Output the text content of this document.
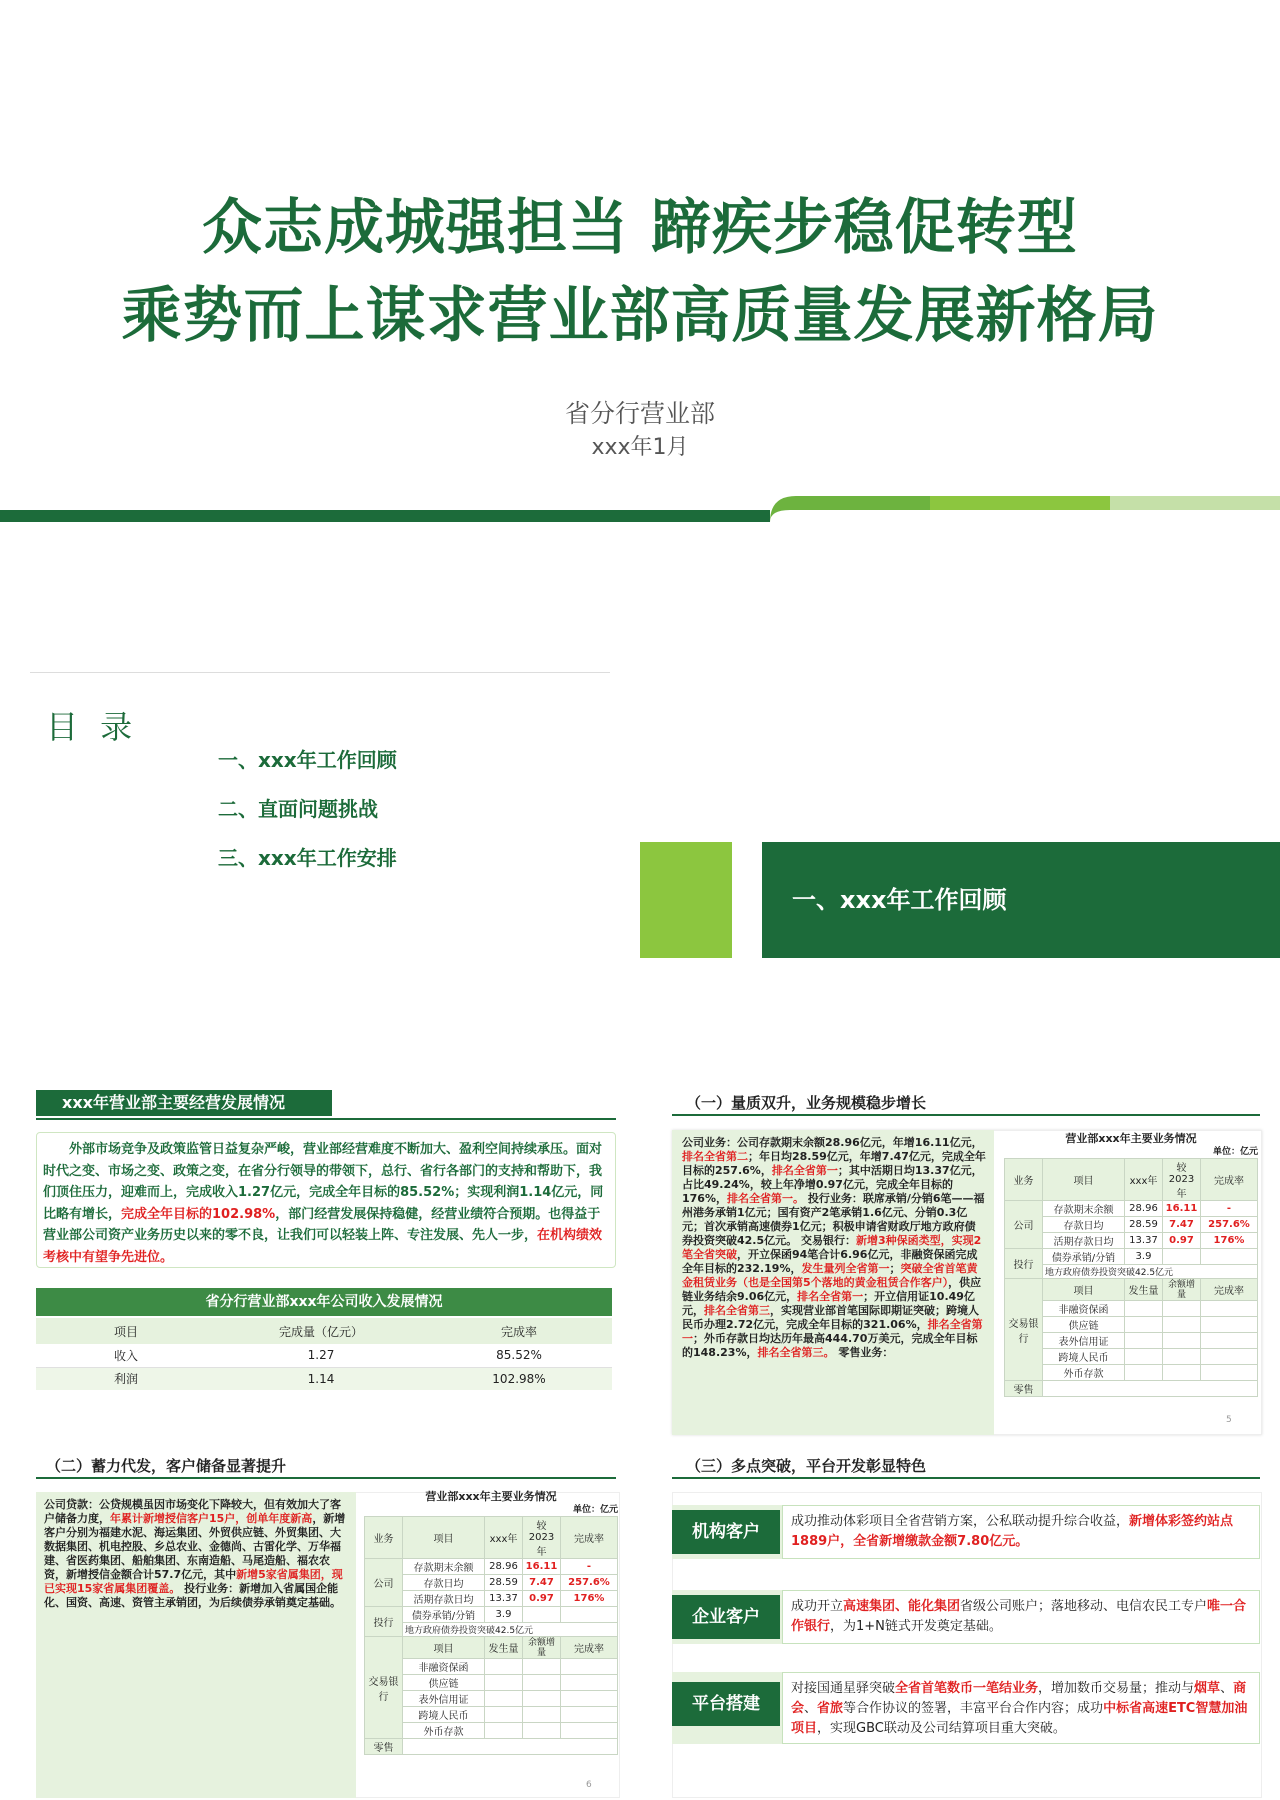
众志成城强担当 蹄疾步稳促转型
乘势而上谋求营业部高质量发展新格局
省分行营业部
xxx年1月
目 录
一、xxx年工作回顾
二、直面问题挑战
三、xxx年工作安排
一、xxx年工作回顾
xxx年营业部主要经营发展情况
外部市场竞争及政策监管日益复杂严峻，营业部经营难度不断加大、盈利空间持续承压。面对时代之变、市场之变、政策之变，在省分行领导的带领下，总行、省行各部门的支持和帮助下，我们顶住压力，迎难而上，完成收入1.27亿元，完成全年目标的85.52%；实现利润1.14亿元，同比略有增长，完成全年目标的102.98%，部门经营发展保持稳健，经营业绩符合预期。也得益于营业部公司资产业务历史以来的零不良，让我们可以轻装上阵、专注发展、先人一步，在机构绩效考核中有望争先进位。
省分行营业部xxx年公司收入发展情况
项目	完成量（亿元）	完成率
收入	1.27	85.52%
利润	1.14	102.98%
（一）量质双升，业务规模稳步增长
公司业务：公司存款期末余额28.96亿元，年增16.11亿元，排名全省第二；年日均28.59亿元，年增7.47亿元，完成全年目标的257.6%，排名全省第一；其中活期日均13.37亿元，占比49.24%，较上年净增0.97亿元，完成全年目标的176%，排名全省第一。 投行业务：联席承销/分销6笔——福州港务承销1亿元；国有资产2笔承销1.6亿元、分销0.3亿元；首次承销高速债券1亿元；积极申请省财政厅地方政府债券投资突破42.5亿元。 交易银行：新增3种保函类型，实现2笔全省突破，开立保函94笔合计6.96亿元，非融资保函完成全年目标的232.19%，发生量列全省第一；突破全省首笔黄金租赁业务（也是全国第5个落地的黄金租赁合作客户），供应链业务结余9.06亿元，排名全省第一；开立信用证10.49亿元，排名全省第三，实现营业部首笔国际即期证突破；跨境人民币办理2.72亿元，完成全年目标的321.06%，排名全省第一；外币存款日均达历年最高444.70万美元，完成全年目标的148.23%，排名全省第三。 零售业务：
5
（二）蓄力代发，客户储备显著提升
公司贷款：公贷规模虽因市场变化下降较大，但有效加大了客户储备力度，年累计新增授信客户15户，创单年度新高，新增客户分别为福建水泥、海运集团、外贸供应链、外贸集团、大数据集团、机电控股、乡总农业、金德尚、古雷化学、万华福建、省医药集团、船舶集团、东南造船、马尾造船、福农农资，新增授信金额合计57.7亿元，其中新增5家省属集团，现已实现15家省属集团覆盖。 投行业务：新增加入省属国企能化、国资、高速、资管主承销团，为后续债券承销奠定基础。
6
（三）多点突破，平台开发彰显特色
机构客户
成功推动体彩项目全省营销方案，公私联动提升综合收益，新增体彩签约站点1889户，全省新增缴款金额7.80亿元。
企业客户
成功开立高速集团、能化集团省级公司账户；落地移动、电信农民工专户唯一合作银行，为1+N链式开发奠定基础。
平台搭建
对接国通星驿突破全省首笔数币一笔结业务，增加数币交易量；推动与烟草、商会、省旅等合作协议的签署，丰富平台合作内容；成功中标省高速ETC智慧加油项目，实现GBC联动及公司结算项目重大突破。
营业部xxx年主要业务情况
单位：亿元
业务	项目	xxx年	较2023年	完成率
公司	存款期末余额	28.96	16.11	-
	存款日均	28.59	7.47	257.6%
	活期存款日均	13.37	0.97	176%
投行	债券承销/分销	3.9		
	地方政府债券投资突破42.5亿元			
交易银行	项目	发生量	余额增量	完成率
	非融资保函			
	供应链			
	表外信用证			
	跨境人民币			
	外币存款			
零售				
营业部xxx年主要业务情况
单位：亿元
业务	项目	xxx年	较2023年	完成率
公司	存款期末余额	28.96	16.11	-
	存款日均	28.59	7.47	257.6%
	活期存款日均	13.37	0.97	176%
投行	债券承销/分销	3.9		
	地方政府债券投资突破42.5亿元			
交易银行	项目	发生量	余额增量	完成率
	非融资保函			
	供应链			
	表外信用证			
	跨境人民币			
	外币存款			
零售				
